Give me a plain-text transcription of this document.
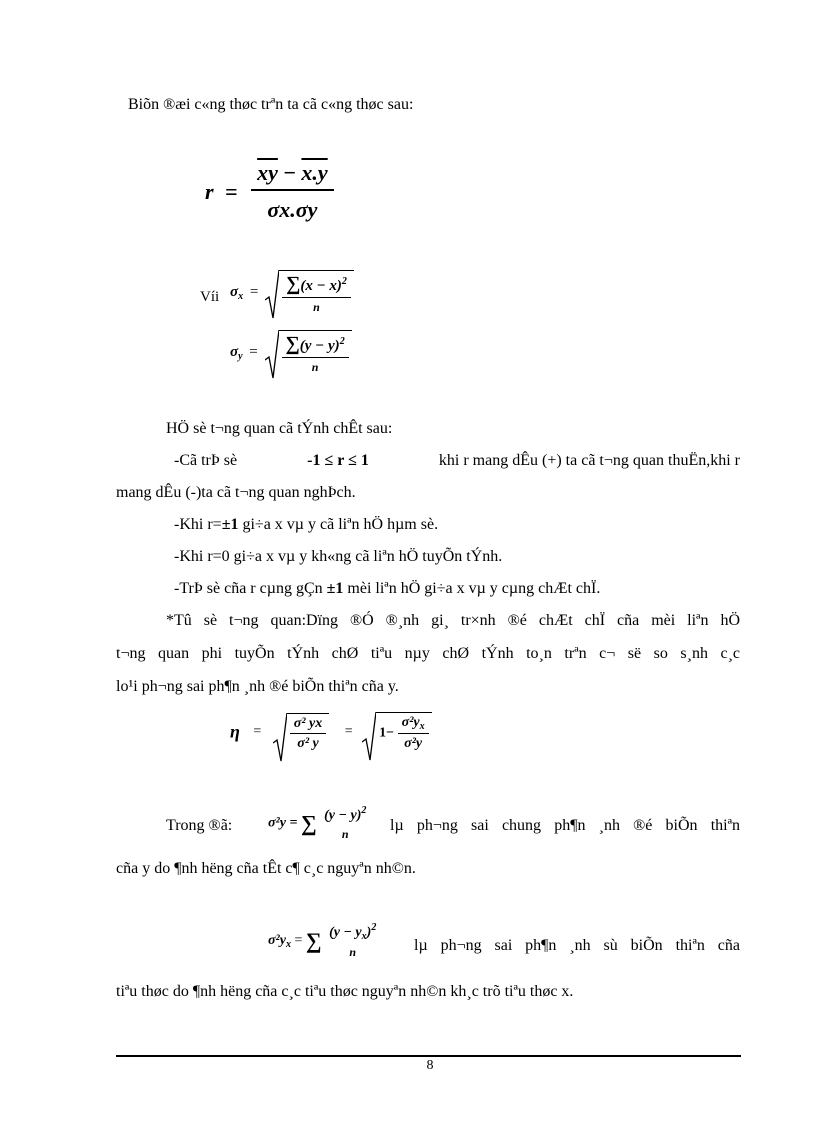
Biõn ®æi c«ng thøc trªn ta cã c«ng thøc sau:
$r = \frac{\overline{xy} - x.y}{\sigma x.\sigma y}$
Víi $\sigma_x = \frac{\sum(x - x)^2}{n}$
$\sigma_y = \frac{\sum(y - y)^2}{n}$
HÖ sè t¬ng quan cã tÝnh chÊt sau:
-Cã trÞ sè	-1 ≤ r ≤ 1	khi r mang dÊu (+) ta cã t¬ng quan thuËn,khi r
mang dÊu (-)ta cã t¬ng quan nghÞch.
-Khi r=±1 gi÷a x vµ y cã liªn hÖ hµm sè.
-Khi r=0 gi÷a x vµ y kh«ng cã liªn hÖ tuyÕn tÝnh.
-TrÞ sè cña r cµng gÇn ±1 mèi liªn hÖ gi÷a x vµ y cµng chÆt chÏ.
*Tû sè t¬ng quan:Dïng ®Ó ®¸nh gi¸ tr×nh ®é chÆt chÏ cña mèi liªn hÖ
t¬ng quan phi tuyÕn tÝnh chØ tiªu nµy chØ tÝnh to¸n trªn c¬ së so s¸nh c¸c
lo¹i ph¬ng sai ph¶n ¸nh ®é biÕn thiªn cña y.
$\eta = \frac{\text{σ² yx}}{\text{σ² y}} = 1- \frac{\sigma^2y_x}{\text{σ²y}}$
Trong ®ã:	σ²y = ∑ $(y - y)^2$
n	lµ ph¬ng sai chung ph¶n ¸nh ®é biÕn thiªn
cña y do ¶nh hëng cña tÊt c¶ c¸c nguyªn nh©n.
$\sigma^2y_x$ = ∑ $(y - y_x)^2$
n	lµ ph¬ng sai ph¶n ¸nh sù biÕn thiªn cña
tiªu thøc do ¶nh hëng cña c¸c tiªu thøc nguyªn nh©n kh¸c trõ tiªu thøc x.
8
